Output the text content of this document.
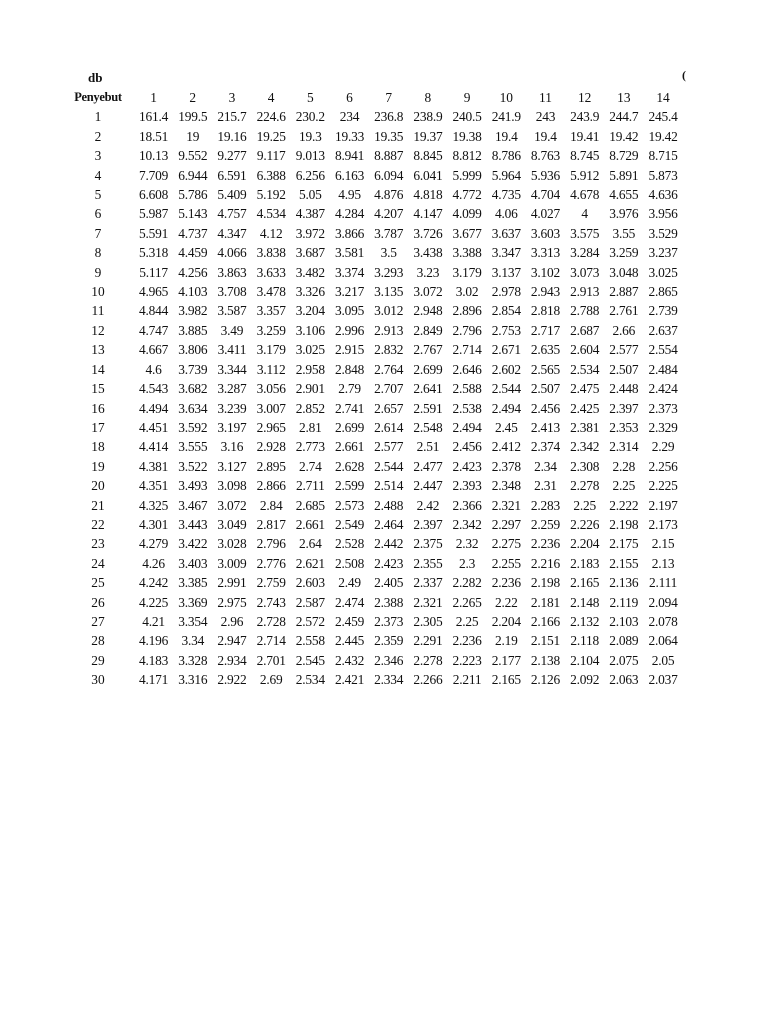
db	(
Penyebut	1	2	3	4	5	6	7	8	9	10	11	12	13	14
1	161.4	199.5	215.7	224.6	230.2	234	236.8	238.9	240.5	241.9	243	243.9	244.7	245.4
2	18.51	19	19.16	19.25	19.3	19.33	19.35	19.37	19.38	19.4	19.4	19.41	19.42	19.42
3	10.13	9.552	9.277	9.117	9.013	8.941	8.887	8.845	8.812	8.786	8.763	8.745	8.729	8.715
4	7.709	6.944	6.591	6.388	6.256	6.163	6.094	6.041	5.999	5.964	5.936	5.912	5.891	5.873
5	6.608	5.786	5.409	5.192	5.05	4.95	4.876	4.818	4.772	4.735	4.704	4.678	4.655	4.636
6	5.987	5.143	4.757	4.534	4.387	4.284	4.207	4.147	4.099	4.06	4.027	4	3.976	3.956
7	5.591	4.737	4.347	4.12	3.972	3.866	3.787	3.726	3.677	3.637	3.603	3.575	3.55	3.529
8	5.318	4.459	4.066	3.838	3.687	3.581	3.5	3.438	3.388	3.347	3.313	3.284	3.259	3.237
9	5.117	4.256	3.863	3.633	3.482	3.374	3.293	3.23	3.179	3.137	3.102	3.073	3.048	3.025
10	4.965	4.103	3.708	3.478	3.326	3.217	3.135	3.072	3.02	2.978	2.943	2.913	2.887	2.865
11	4.844	3.982	3.587	3.357	3.204	3.095	3.012	2.948	2.896	2.854	2.818	2.788	2.761	2.739
12	4.747	3.885	3.49	3.259	3.106	2.996	2.913	2.849	2.796	2.753	2.717	2.687	2.66	2.637
13	4.667	3.806	3.411	3.179	3.025	2.915	2.832	2.767	2.714	2.671	2.635	2.604	2.577	2.554
14	4.6	3.739	3.344	3.112	2.958	2.848	2.764	2.699	2.646	2.602	2.565	2.534	2.507	2.484
15	4.543	3.682	3.287	3.056	2.901	2.79	2.707	2.641	2.588	2.544	2.507	2.475	2.448	2.424
16	4.494	3.634	3.239	3.007	2.852	2.741	2.657	2.591	2.538	2.494	2.456	2.425	2.397	2.373
17	4.451	3.592	3.197	2.965	2.81	2.699	2.614	2.548	2.494	2.45	2.413	2.381	2.353	2.329
18	4.414	3.555	3.16	2.928	2.773	2.661	2.577	2.51	2.456	2.412	2.374	2.342	2.314	2.29
19	4.381	3.522	3.127	2.895	2.74	2.628	2.544	2.477	2.423	2.378	2.34	2.308	2.28	2.256
20	4.351	3.493	3.098	2.866	2.711	2.599	2.514	2.447	2.393	2.348	2.31	2.278	2.25	2.225
21	4.325	3.467	3.072	2.84	2.685	2.573	2.488	2.42	2.366	2.321	2.283	2.25	2.222	2.197
22	4.301	3.443	3.049	2.817	2.661	2.549	2.464	2.397	2.342	2.297	2.259	2.226	2.198	2.173
23	4.279	3.422	3.028	2.796	2.64	2.528	2.442	2.375	2.32	2.275	2.236	2.204	2.175	2.15
24	4.26	3.403	3.009	2.776	2.621	2.508	2.423	2.355	2.3	2.255	2.216	2.183	2.155	2.13
25	4.242	3.385	2.991	2.759	2.603	2.49	2.405	2.337	2.282	2.236	2.198	2.165	2.136	2.111
26	4.225	3.369	2.975	2.743	2.587	2.474	2.388	2.321	2.265	2.22	2.181	2.148	2.119	2.094
27	4.21	3.354	2.96	2.728	2.572	2.459	2.373	2.305	2.25	2.204	2.166	2.132	2.103	2.078
28	4.196	3.34	2.947	2.714	2.558	2.445	2.359	2.291	2.236	2.19	2.151	2.118	2.089	2.064
29	4.183	3.328	2.934	2.701	2.545	2.432	2.346	2.278	2.223	2.177	2.138	2.104	2.075	2.05
30	4.171	3.316	2.922	2.69	2.534	2.421	2.334	2.266	2.211	2.165	2.126	2.092	2.063	2.037
